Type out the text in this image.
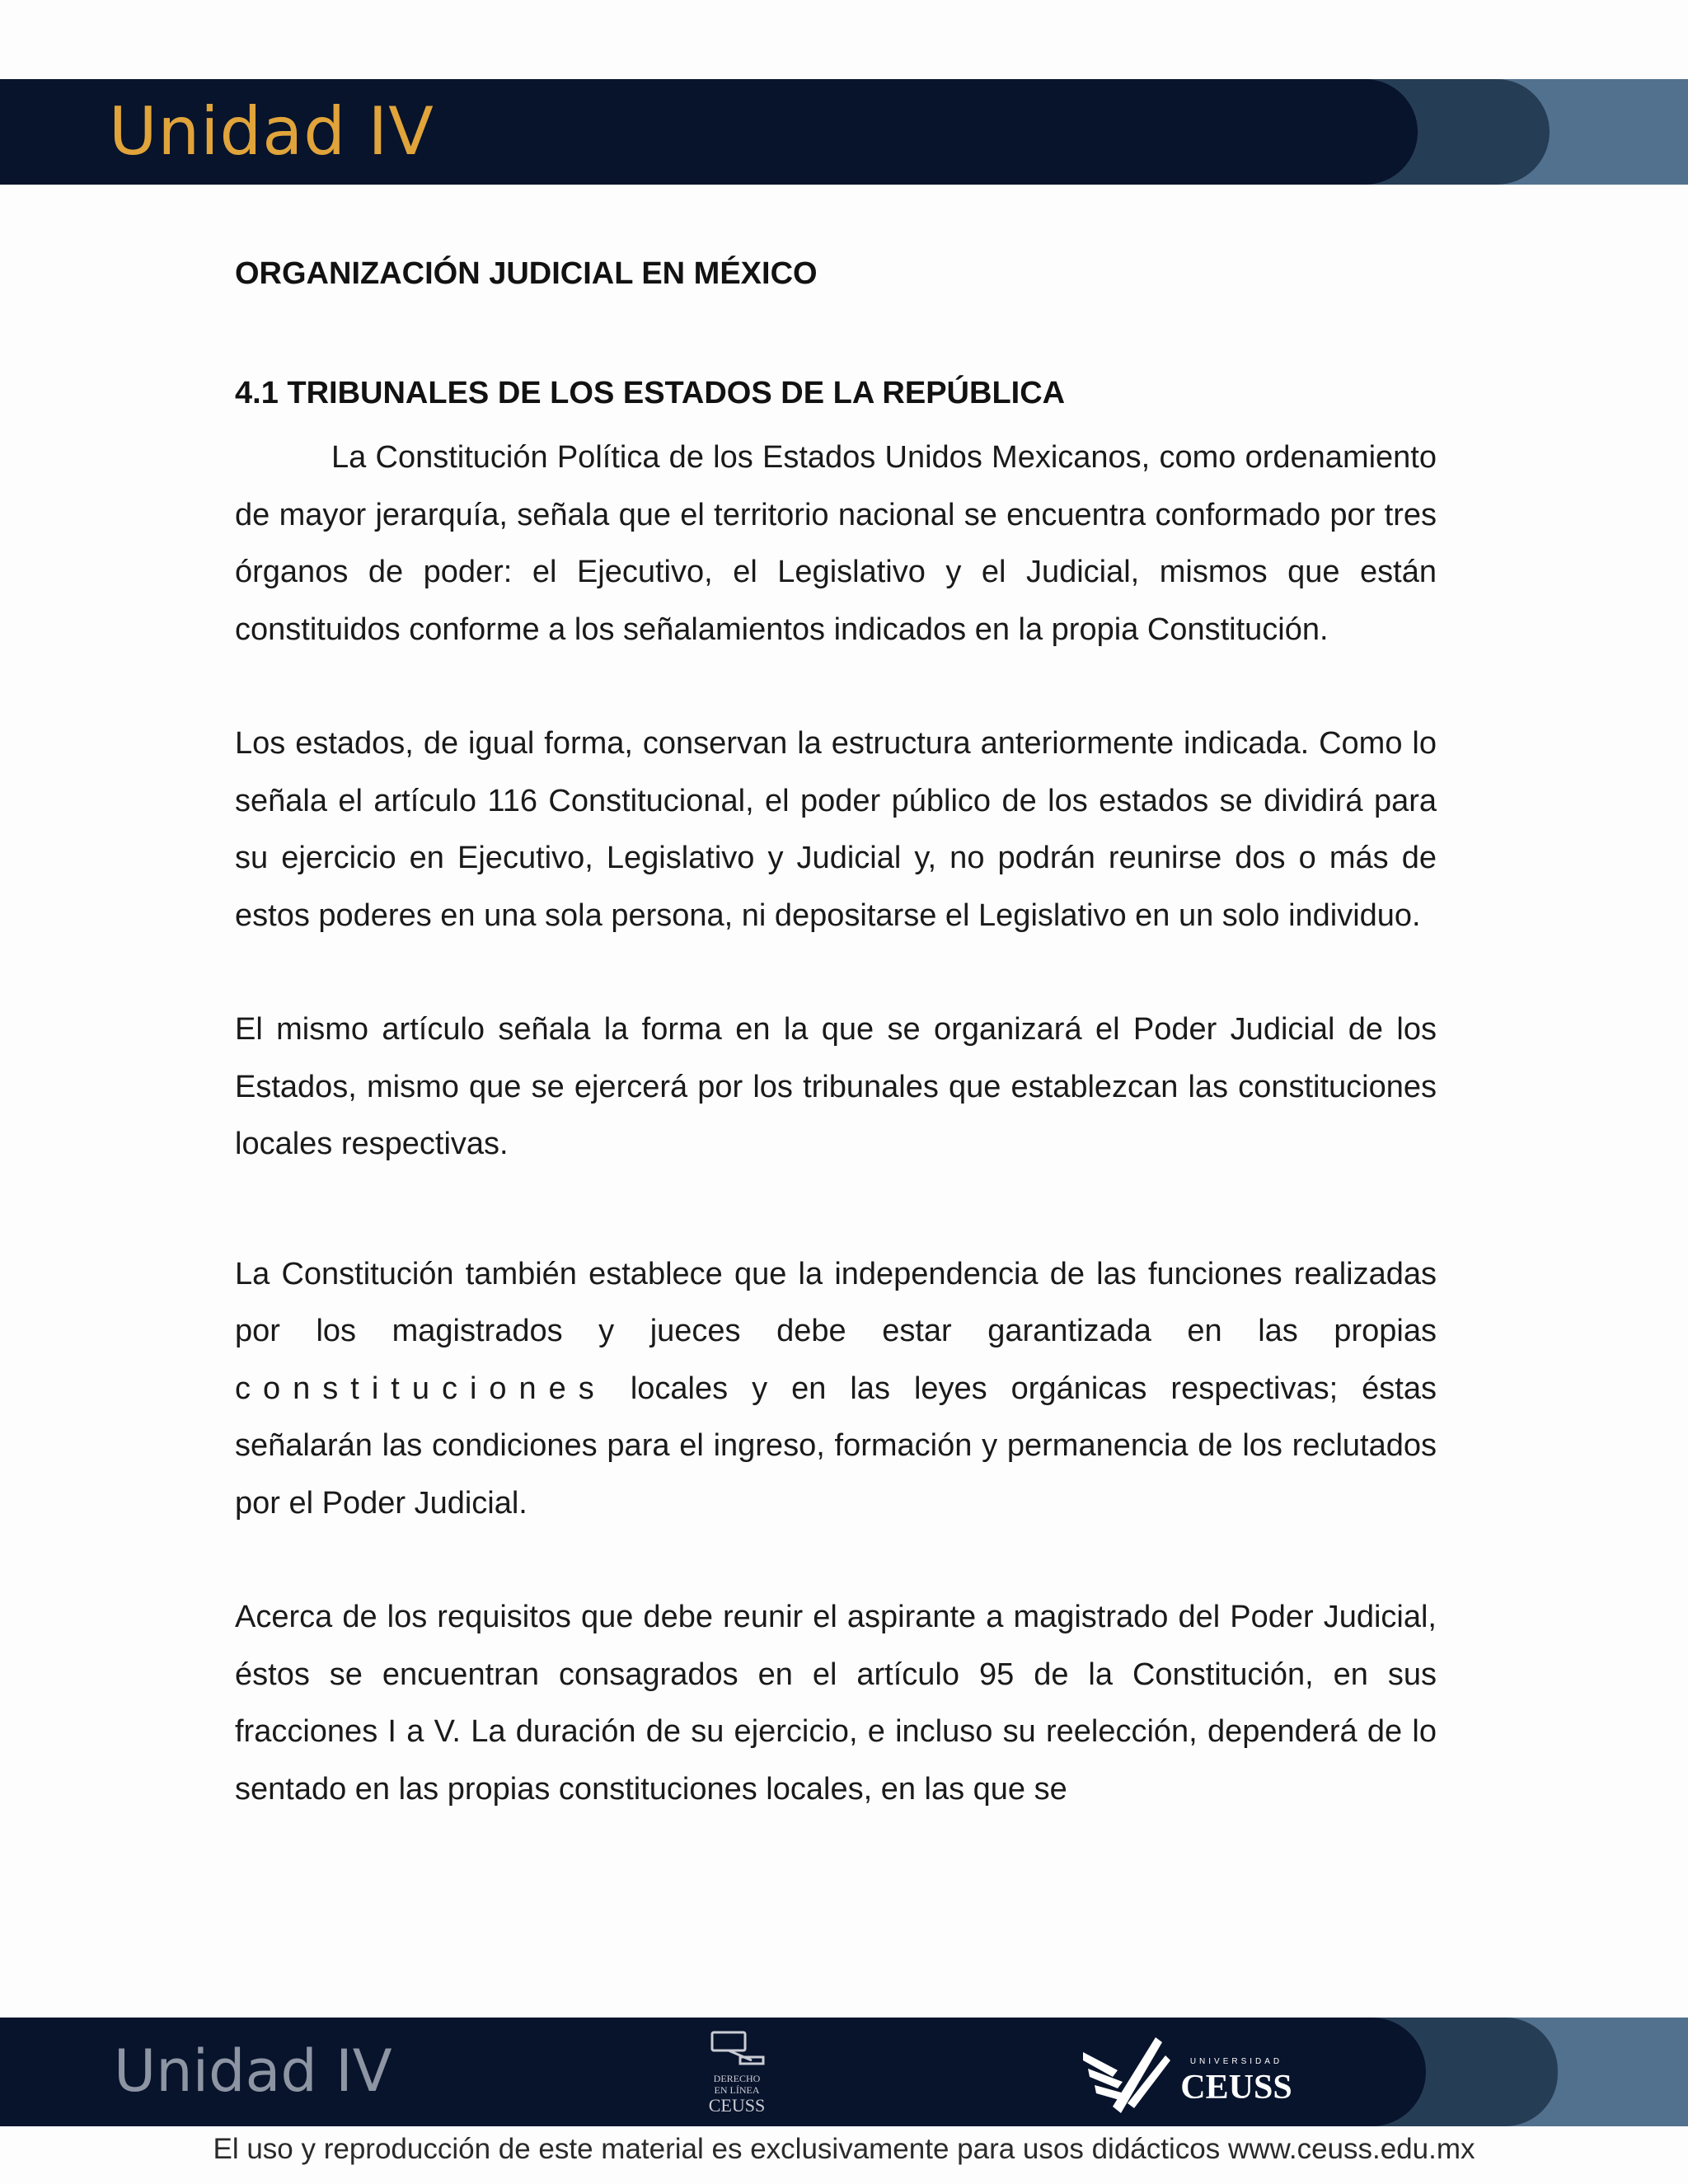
Unidad IV
ORGANIZACIÓN JUDICIAL EN MÉXICO
4.1 TRIBUNALES DE LOS ESTADOS DE LA REPÚBLICA

La Constitución Política de los Estados Unidos Mexicanos, como ordenamiento de mayor jerarquía, señala que el territorio nacional se encuentra conformado por tres órganos de poder: el Ejecutivo, el Legislativo y el Judicial, mismos que están constituidos conforme a los señalamientos indicados en la propia Constitución.

Los estados, de igual forma, conservan la estructura anteriormente indicada. Como lo señala el artículo 116 Constitucional, el poder público de los estados se dividirá para su ejercicio en Ejecutivo, Legislativo y Judicial y, no podrán reunirse dos o más de estos poderes en una sola persona, ni depositarse el Legislativo en un solo individuo.

El mismo artículo señala la forma en la que se organizará el Poder Judicial de los Estados, mismo que se ejercerá por los tribunales que establezcan las constituciones locales respectivas.

La Constitución también establece que la independencia de las funciones realizadas por los magistrados y jueces debe estar garantizada en las propias constituciones locales y en las leyes orgánicas respectivas; éstas señalarán las condiciones para el ingreso, formación y permanencia de los reclutados por el Poder Judicial.

Acerca de los requisitos que debe reunir el aspirante a magistrado del Poder Judicial, éstos se encuentran consagrados en el artículo 95 de la Constitución, en sus fracciones I a V. La duración de su ejercicio, e incluso su reelección, dependerá de lo sentado en las propias constituciones locales, en las que se

Unidad IV	DERECHO
EN LÍNEA
CEUSS
UNIVERSIDAD
CEUSS

El uso y reproducción de este material es exclusivamente para usos didácticos www.ceuss.edu.mx
